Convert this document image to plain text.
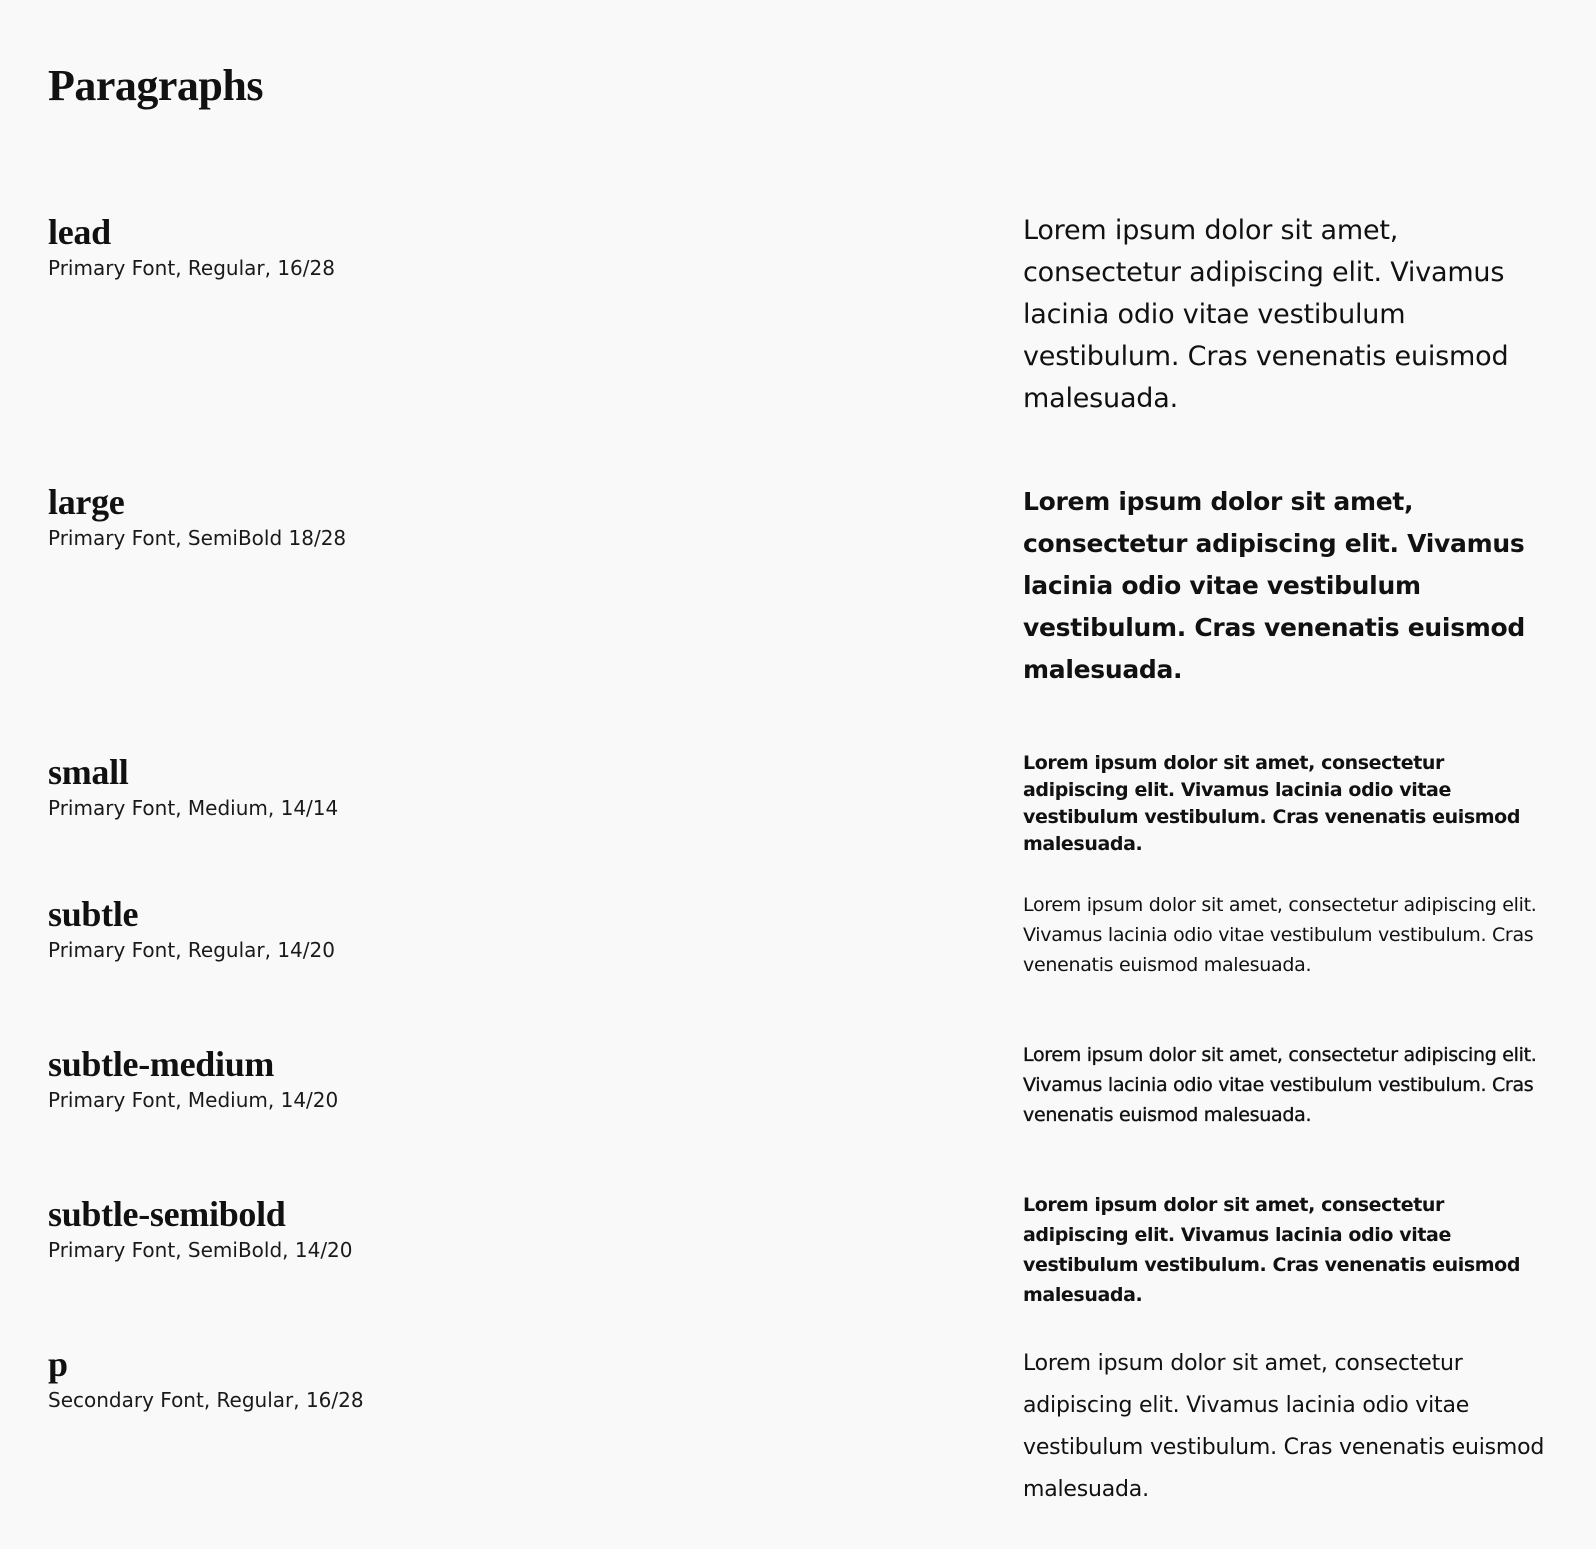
Paragraphs
lead

Primary Font, Regular, 16/28

Lorem ipsum dolor sit amet, consectetur adipiscing elit. Vivamus lacinia odio vitae vestibulum vestibulum. Cras venenatis euismod malesuada.

large

Primary Font, SemiBold 18/28

Lorem ipsum dolor sit amet, consectetur adipiscing elit. Vivamus lacinia odio vitae vestibulum vestibulum. Cras venenatis euismod malesuada.

small

Primary Font, Medium, 14/14

Lorem ipsum dolor sit amet, consectetur adipiscing elit. Vivamus lacinia odio vitae vestibulum vestibulum. Cras venenatis euismod malesuada.

subtle

Primary Font, Regular, 14/20

Lorem ipsum dolor sit amet, consectetur adipiscing elit. Vivamus lacinia odio vitae vestibulum vestibulum. Cras venenatis euismod malesuada.

subtle-medium

Primary Font, Medium, 14/20

Lorem ipsum dolor sit amet, consectetur adipiscing elit. Vivamus lacinia odio vitae vestibulum vestibulum. Cras venenatis euismod malesuada.

subtle-semibold

Primary Font, SemiBold, 14/20

Lorem ipsum dolor sit amet, consectetur adipiscing elit. Vivamus lacinia odio vitae vestibulum vestibulum. Cras venenatis euismod malesuada.

p

Secondary Font, Regular, 16/28

Lorem ipsum dolor sit amet, consectetur adipiscing elit. Vivamus lacinia odio vitae vestibulum vestibulum. Cras venenatis euismod malesuada.
